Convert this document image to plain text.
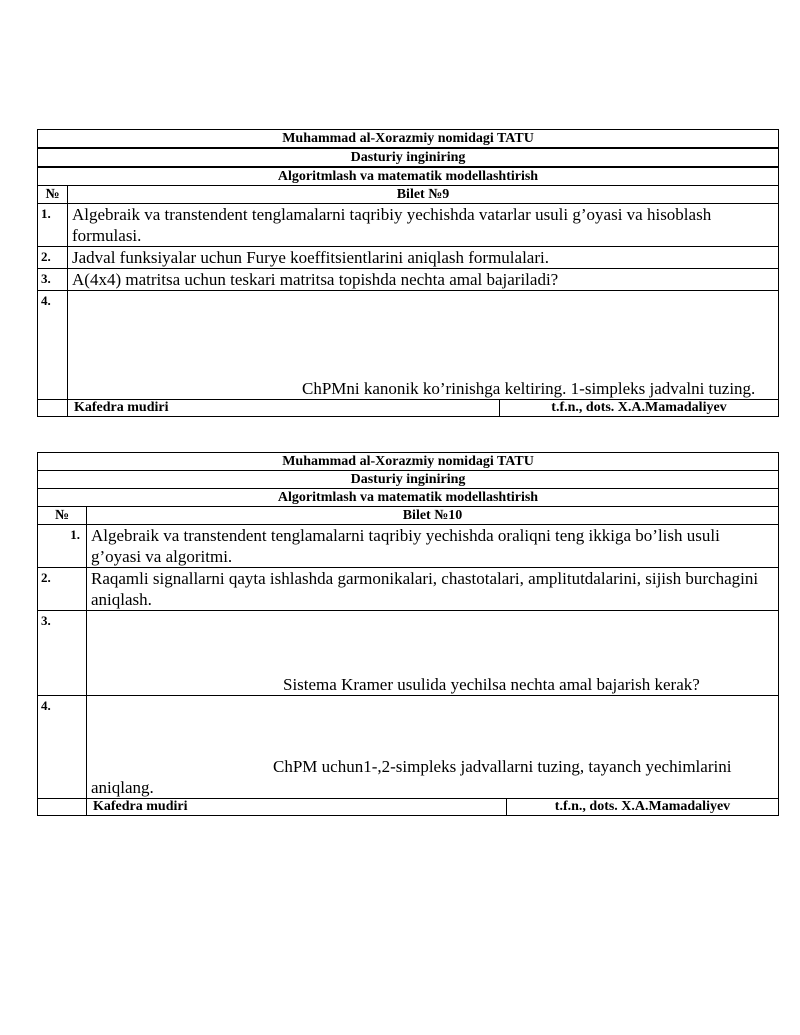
Muhammad al-Xorazmiy nomidagi TATU		
Dasturiy inginiring		
Algoritmlash va matematik modellashtirish		
№	Bilet №9	
1.	Algebraik va transtendent tenglamalarni taqribiy yechishda vatarlar usuli g’oyasi va hisoblash formulasi.	
2.	Jadval funksiyalar uchun Furye koeffitsientlarini aniqlash formulalari.	
3.	A(4x4) matritsa uchun teskari matritsa topishda nechta amal bajariladi?	
4.	ChPMni kanonik ko’rinishga keltiring. 1-simpleks jadvalni tuzing.	
	Kafedra mudiri	t.f.n., dots. X.A.Mamadaliyev
Muhammad al-Xorazmiy nomidagi TATU		
Dasturiy inginiring		
Algoritmlash va matematik modellashtirish		
№	Bilet №10	
1.	Algebraik va transtendent tenglamalarni taqribiy yechishda oraliqni teng ikkiga bo’lish usuli g’oyasi va algoritmi.	
2.	Raqamli signallarni qayta ishlashda garmonikalari, chastotalari, amplitutdalarini, sijish burchagini aniqlash.	
3.	Sistema Kramer usulida yechilsa nechta amal bajarish kerak?	
4.	ChPM uchun1-,2-simpleks jadvallarni tuzing, tayanch yechimlarini aniqlang.	
	Kafedra mudiri	t.f.n., dots. X.A.Mamadaliyev
